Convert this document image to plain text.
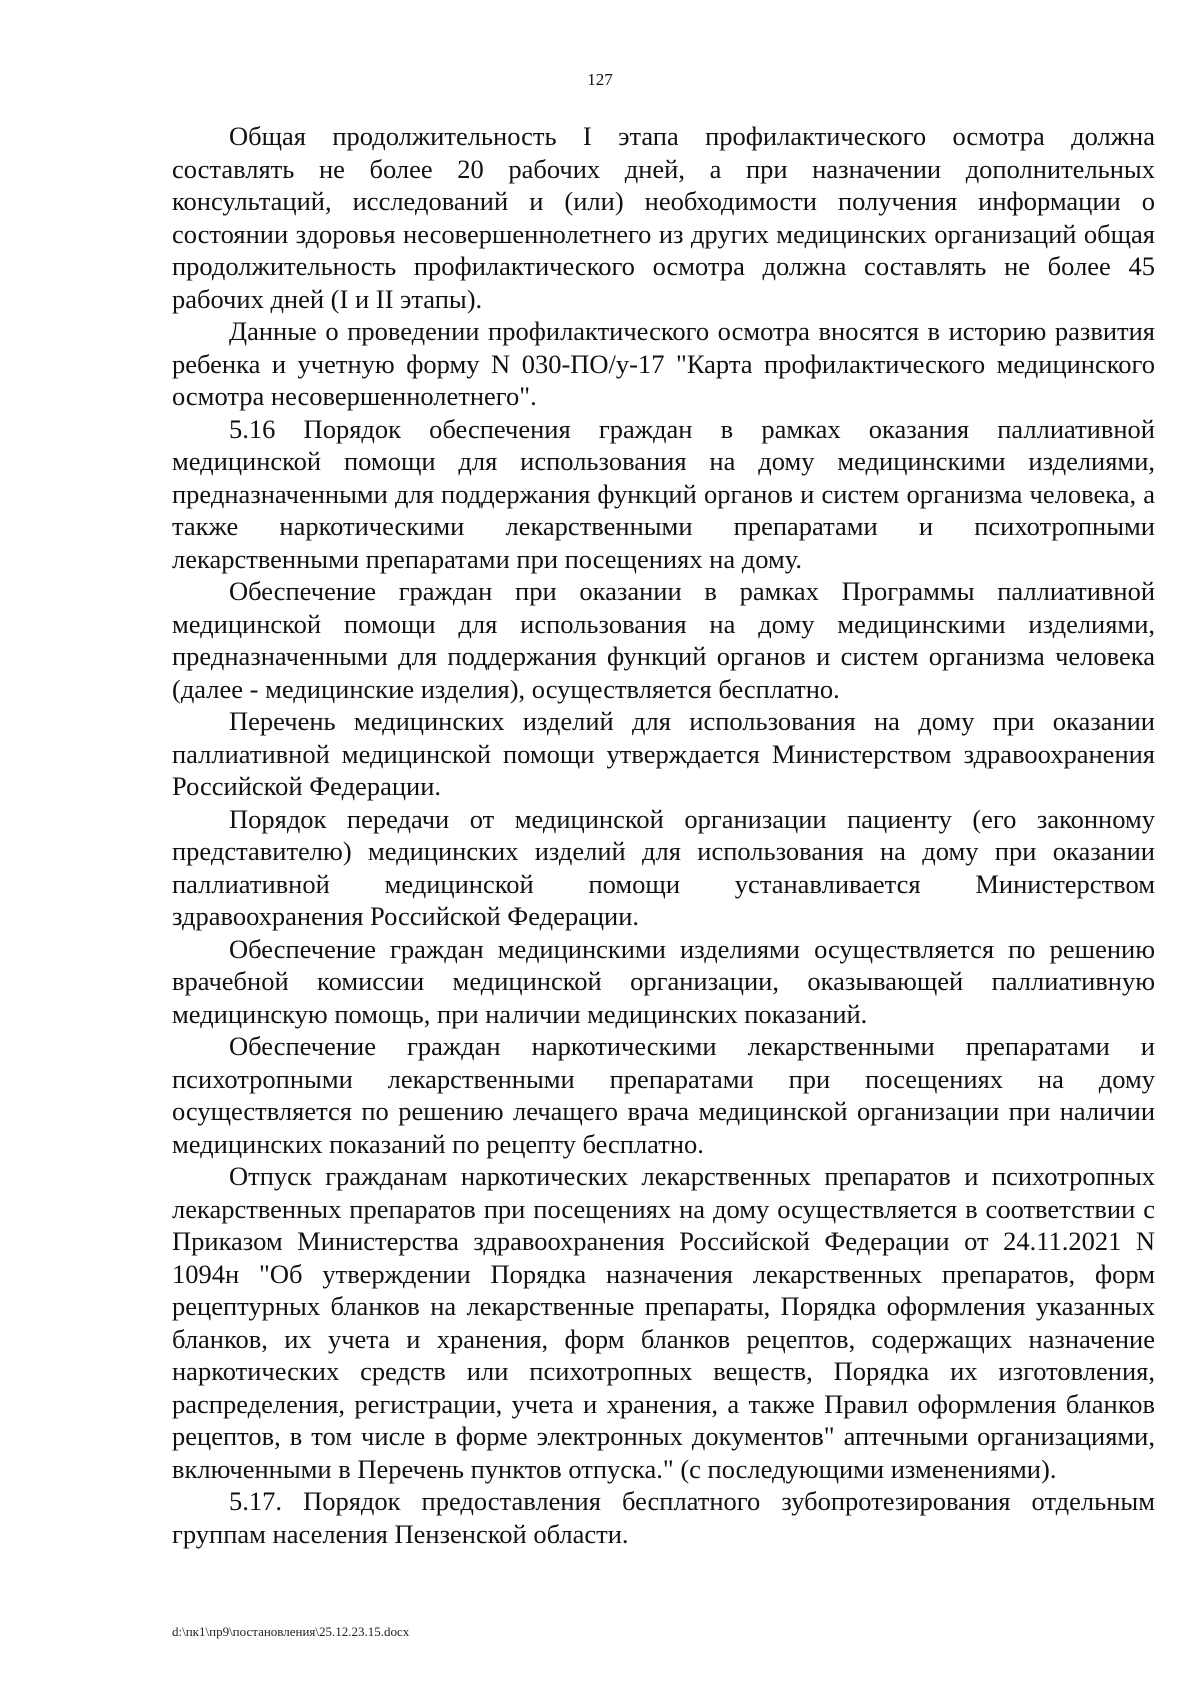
127

Общая продолжительность I этапа профилактического осмотра должна составлять не более 20 рабочих дней, а при назначении дополнительных консультаций, исследований и (или) необходимости получения информации о состоянии здоровья несовершеннолетнего из других медицинских организаций общая продолжительность профилактического осмотра должна составлять не более 45 рабочих дней (I и II этапы).

Данные о проведении профилактического осмотра вносятся в историю развития ребенка и учетную форму N 030-ПО/у-17 "Карта профилактического медицинского осмотра несовершеннолетнего".

5.16 Порядок обеспечения граждан в рамках оказания паллиативной медицинской помощи для использования на дому медицинскими изделиями, предназначенными для поддержания функций органов и систем организма человека, а также наркотическими лекарственными препаратами и психотропными лекарственными препаратами при посещениях на дому.

Обеспечение граждан при оказании в рамках Программы паллиативной медицинской помощи для использования на дому медицинскими изделиями, предназначенными для поддержания функций органов и систем организма человека (далее - медицинские изделия), осуществляется бесплатно.

Перечень медицинских изделий для использования на дому при оказании паллиативной медицинской помощи утверждается Министерством здравоохранения Российской Федерации.

Порядок передачи от медицинской организации пациенту (его законному представителю) медицинских изделий для использования на дому при оказании паллиативной медицинской помощи устанавливается Министерством здравоохранения Российской Федерации.

Обеспечение граждан медицинскими изделиями осуществляется по решению врачебной комиссии медицинской организации, оказывающей паллиативную медицинскую помощь, при наличии медицинских показаний.

Обеспечение граждан наркотическими лекарственными препаратами и психотропными лекарственными препаратами при посещениях на дому осуществляется по решению лечащего врача медицинской организации при наличии медицинских показаний по рецепту бесплатно.

Отпуск гражданам наркотических лекарственных препаратов и психотропных лекарственных препаратов при посещениях на дому осуществляется в соответствии с Приказом Министерства здравоохранения Российской Федерации от 24.11.2021 N 1094н "Об утверждении Порядка назначения лекарственных препаратов, форм рецептурных бланков на лекарственные препараты, Порядка оформления указанных бланков, их учета и хранения, форм бланков рецептов, содержащих назначение наркотических средств или психотропных веществ, Порядка их изготовления, распределения, регистрации, учета и хранения, а также Правил оформления бланков рецептов, в том числе в форме электронных документов" аптечными организациями, включенными в Перечень пунктов отпуска." (с последующими изменениями).

5.17. Порядок предоставления бесплатного зубопротезирования отдельным группам населения Пензенской области.

d:\пк1\пр9\постановления\25.12.23.15.docx
